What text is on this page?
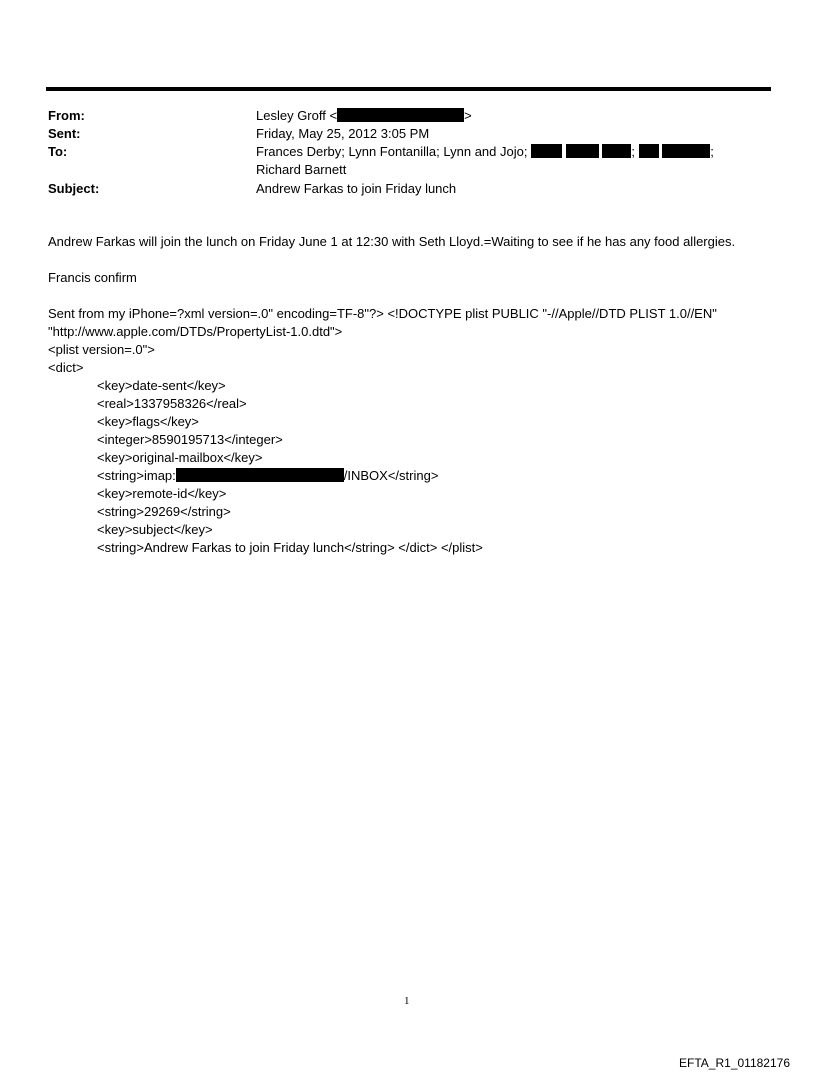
From:	Lesley Groff <	>
Sent:	Friday, May 25, 2012 3:05 PM
To:	Frances Derby; Lynn Fontanilla; Lynn and Jojo;	;	;
Richard Barnett
Subject:	Andrew Farkas to join Friday lunch
Andrew Farkas will join the lunch on Friday June 1 at 12:30 with Seth Lloyd.=Waiting to see if he has any food allergies.
Francis confirm
Sent from my iPhone=?xml version=.0" encoding=TF-8"?> <!DOCTYPE plist PUBLIC "-//Apple//DTD PLIST 1.0//EN"
"http://www.apple.com/DTDs/PropertyList-1.0.dtd">
<plist version=.0">
<dict>
<key>date-sent</key>
<real>1337958326</real>
<key>flags</key>
<integer>8590195713</integer>
<key>original-mailbox</key>
<string>imap:	/INBOX</string>
<key>remote-id</key>
<string>29269</string>
<key>subject</key>
<string>Andrew Farkas to join Friday lunch</string> </dict> </plist>
1
EFTA_R1_01182176
